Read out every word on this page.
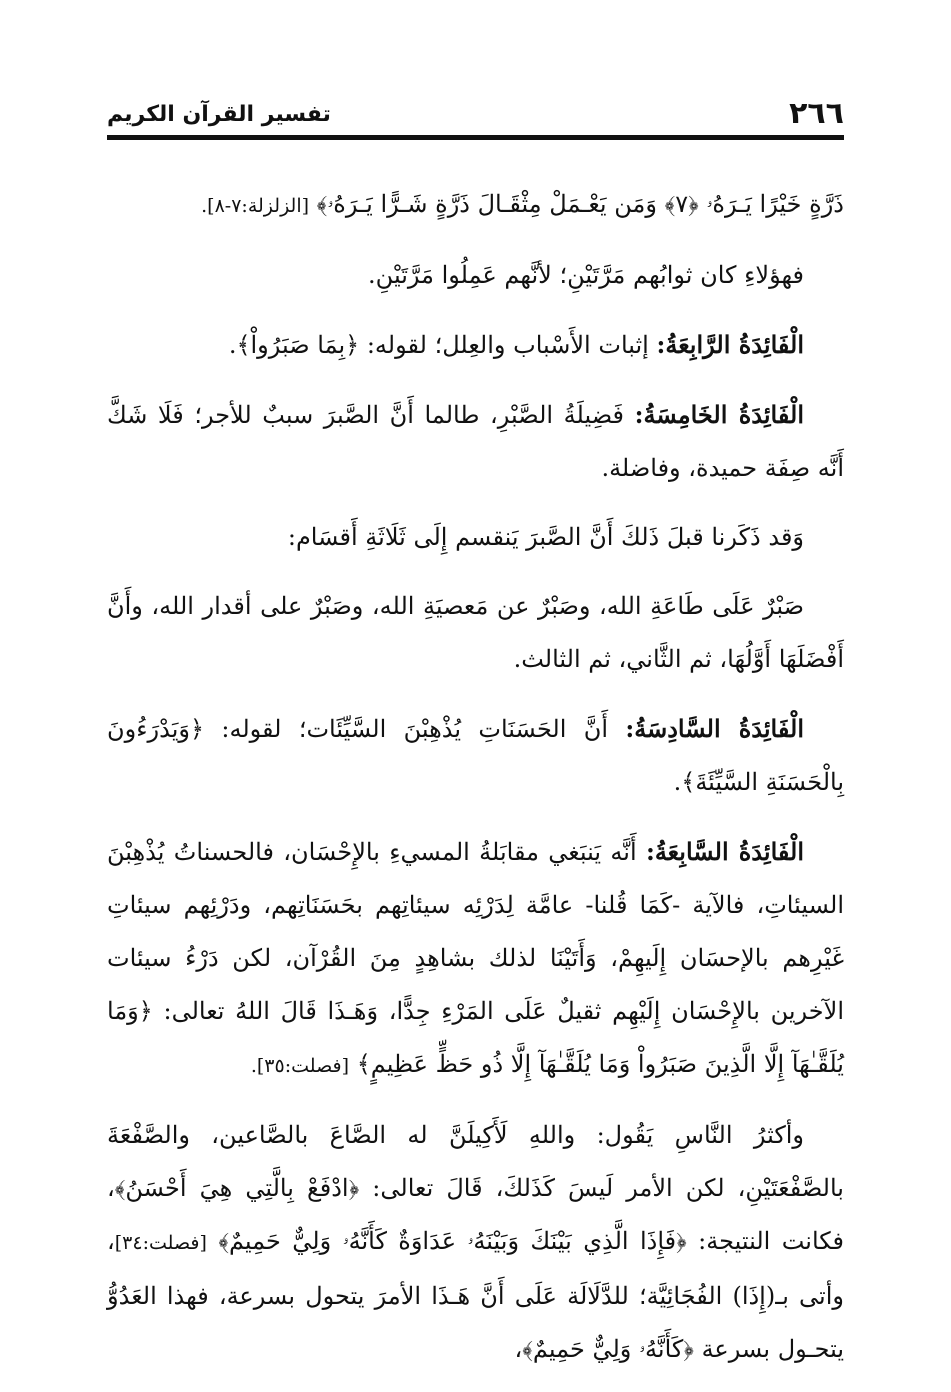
٢٦٦
تفسير القرآن الكريم

ذَرَّةٍ خَيْرًا يَـرَهُۥ ﴿٧﴾ وَمَن يَعْـمَلْ مِثْقَـالَ ذَرَّةٍ شَـرًّا يَـرَهُۥ﴾ [الزلزلة:٧-٨].

فهؤلاءِ كان ثوابُهم مَرَّتَيْنِ؛ لأنَّهم عَمِلُوا مَرَّتَيْنِ.

الْفَائِدَةُ الرَّابِعَةُ: إثبات الأَسْباب والعِلل؛ لقوله: ﴿بِمَا صَبَرُواْ﴾.

الْفَائِدَةُ الخَامِسَةُ: فَضِيلَةُ الصَّبْرِ، طالما أَنَّ الصَّبرَ سببٌ للأجر؛ فَلَا شَكَّ أَنَّه صِفَة حميدة، وفاضلة.

وَقد ذَكَرنا قبلَ ذَلكَ أَنَّ الصَّبرَ يَنقسم إِلَى ثَلَاثَةِ أَقسَام:

صَبْرٌ عَلَى طَاعَةِ الله، وصَبْرٌ عن مَعصيَةِ الله، وصَبْرٌ على أقدار الله، وأَنَّ أَفْضَلَهَا أَوَّلُهَا، ثم الثَّاني، ثم الثالث.

الْفَائِدَةُ السَّادِسَةُ: أَنَّ الحَسَنَاتِ يُذْهِبْنَ السَّيِّئَات؛ لقوله: ﴿وَيَدْرَءُونَ بِالْحَسَنَةِ السَّيِّئَةَ﴾.

الْفَائِدَةُ السَّابِعَةُ: أَنَّه يَنبَغي مقابَلةُ المسيءِ بالإِحْسَان، فالحسناتُ يُذْهِبْنَ السيئاتِ، فالآية -كَمَا قُلنا- عامَّة لِدَرْئِه سيئاتِهم بحَسَنَاتِهم، ودَرْئِهم سيئاتِ غَيْرِهم بالإحسَان إِلَيهِمْ، وَأَتَيْنَا لذلك بشاهِدٍ مِنَ القُرْآن، لكن دَرْءُ سيئات الآخرين بالإِحْسَان إِلَيْهِم ثقيلٌ عَلَى المَرْءِ جِدًّا، وَهَـذَا قَالَ اللهُ تعالى: ﴿وَمَا يُلَقَّـٰهَآ إِلَّا الَّذِينَ صَبَرُواْ وَمَا يُلَقَّـٰهَآ إِلَّا ذُو حَظٍّ عَظِيمٍ﴾ [فصلت:٣٥].

وأكثرُ النَّاسِ يَقُول: واللهِ لَأَكِيلَنَّ له الصَّاعَ بالصَّاعين، والصَّفْعَةَ بالصَّفْعَتَيْنِ، لكن الأمر لَيسَ كَذَلكَ، قَالَ تعالى: ﴿ادْفَعْ بِالَّتِي هِيَ أَحْسَنُ﴾، فكانت النتيجة: ﴿فَإِذَا الَّذِي بَيْنَكَ وَبَيْنَهُۥ عَدَاوَةٌ كَأَنَّهُۥ وَلِيٌّ حَمِيمٌ﴾ [فصلت:٣٤]، وأتى بـ(إِذَا) الفُجَائِيَّة؛ للدَّلَالَة عَلَى أَنَّ هَـذَا الأمرَ يتحول بسرعة، فهذا العَدُوُّ يتحـول بسرعة ﴿كَأَنَّهُۥ وَلِيٌّ حَمِيمٌ﴾،
